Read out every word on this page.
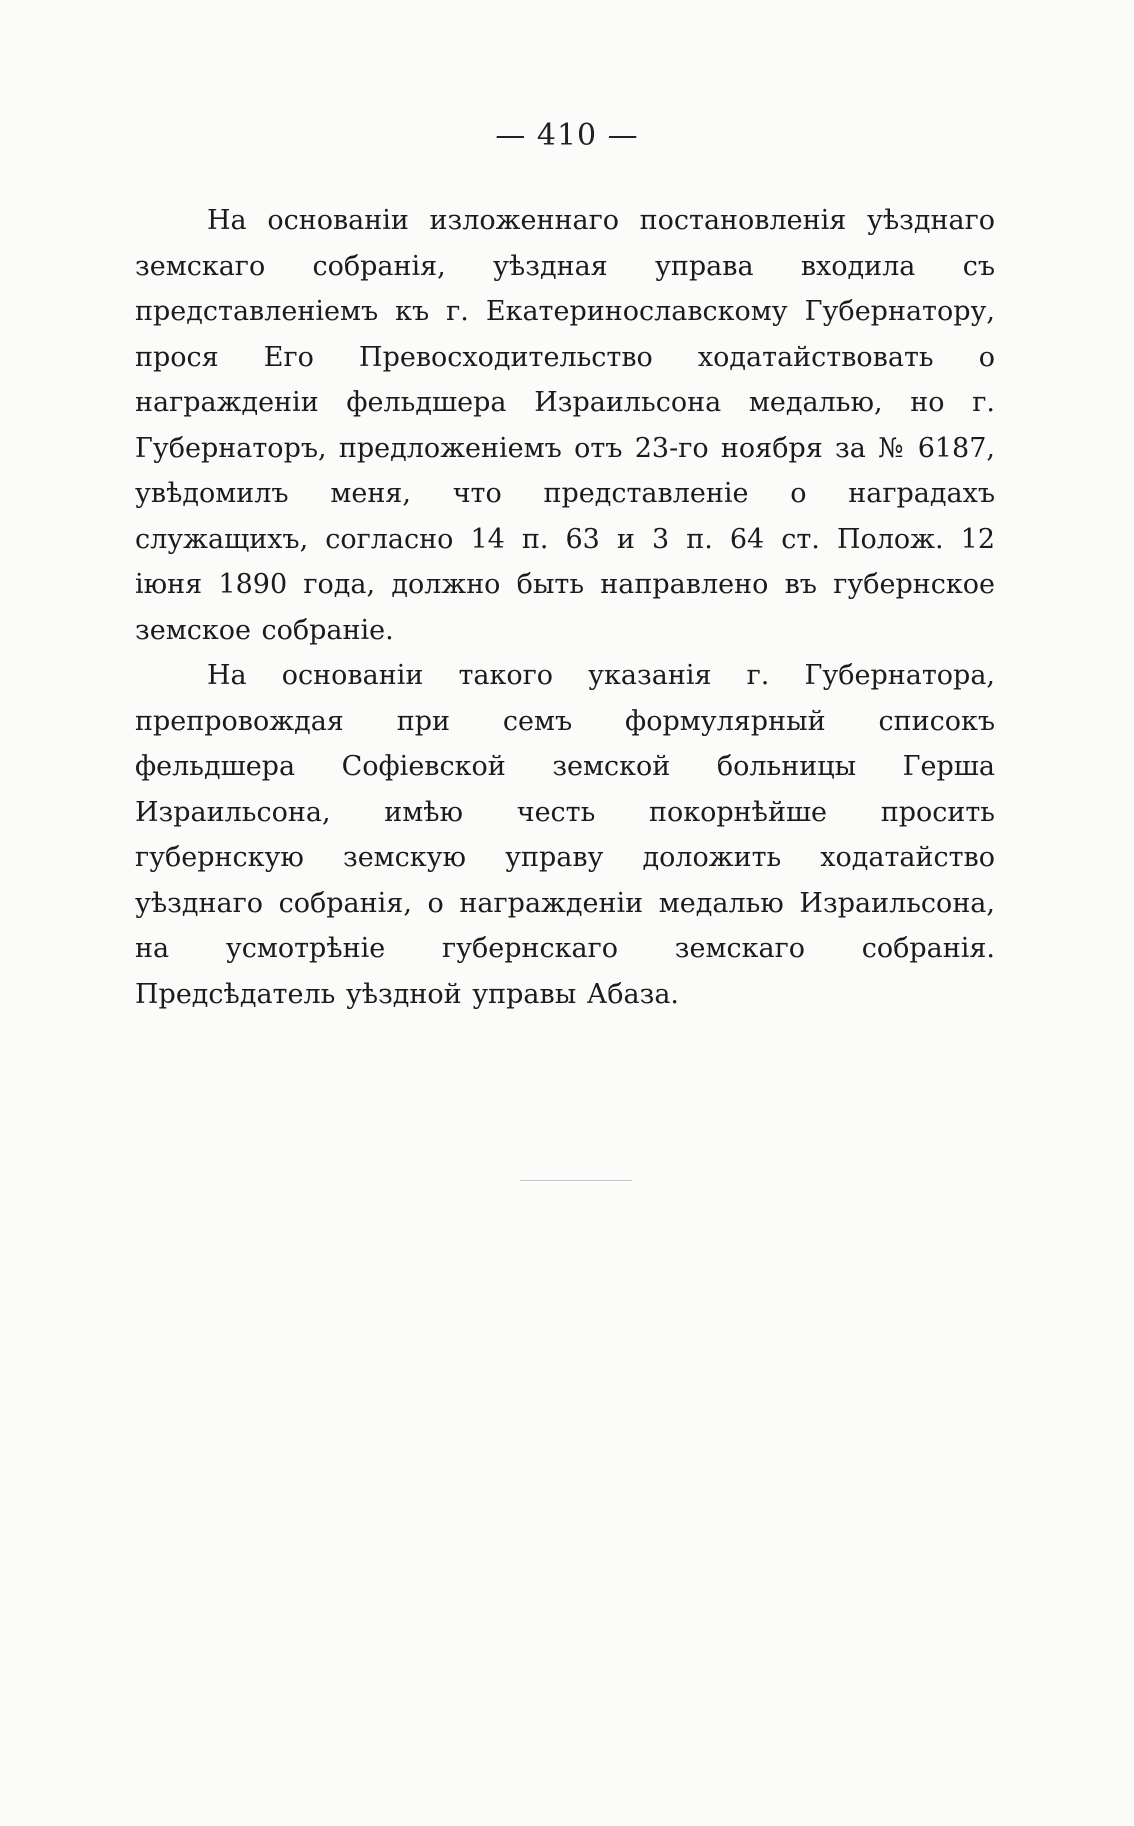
— 410 —

На основаніи изложеннаго постановленія уѣзднаго земскаго собранія, уѣздная управа входила съ представленіемъ къ г. Екатеринославскому Губернатору, прося Его Превосходительство ходатайствовать о награжденіи фельдшера Израильсона медалью, но г. Губернаторъ, предложеніемъ отъ 23-го ноября за № 6187, увѣдомилъ меня, что представленіе о наградахъ служащихъ, согласно 14 п. 63 и 3 п. 64 ст. Полож. 12 іюня 1890 года, должно быть направлено въ губернское земское собраніе.

На основаніи такого указанія г. Губернатора, препровождая при семъ формулярный списокъ фельдшера Софіевской земской больницы Герша Израильсона, имѣю честь покорнѣйше просить губернскую земскую управу доложить ходатайство уѣзднаго собранія, о награжденіи медалью Израильсона, на усмотрѣніе губернскаго земскаго собранія. Предсѣдатель уѣздной управы Абаза.
